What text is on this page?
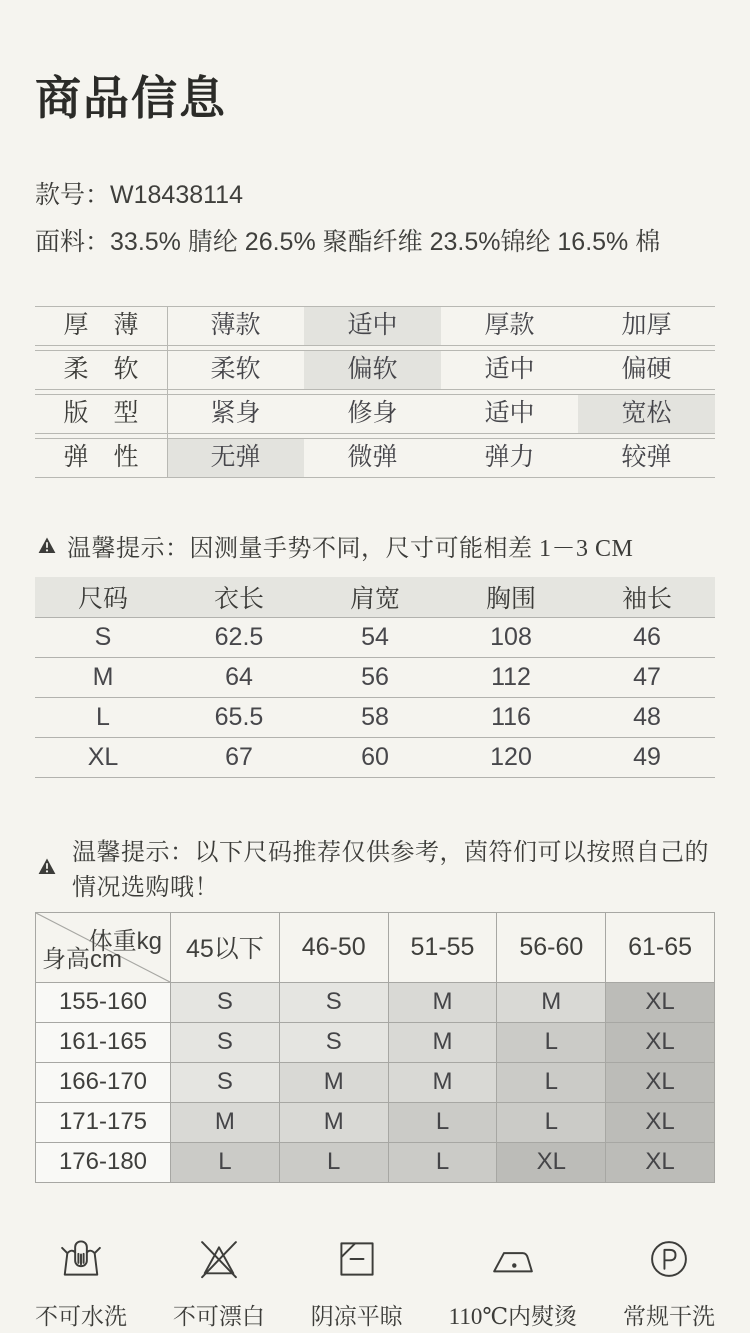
商品信息
款号：W18438114
面料：33.5% 腈纶 26.5% 聚酯纤维 23.5%锦纶 16.5% 棉
厚　薄	薄款	适中	厚款	加厚
柔　软	柔软	偏软	适中	偏硬
版　型	紧身	修身	适中	宽松
弹　性	无弹	微弹	弹力	较弹
温馨提示：因测量手势不同，尺寸可能相差 1－3 CM
尺码	衣长	肩宽	胸围	袖长
S	62.5	54	108	46
M	64	56	112	47
L	65.5	58	116	48
XL	67	60	120	49
温馨提示：以下尺码推荐仅供参考，茵符们可以按照自己的情况选购哦！
体重kg
身高cm	45以下	46-50	51-55	56-60	61-65
155-160	S	S	M	M	XL
161-165	S	S	M	L	XL
166-170	S	M	M	L	XL
171-175	M	M	L	L	XL
176-180	L	L	L	XL	XL
不可水洗 不可漂白 阴凉平晾 110℃内熨烫 常规干洗
